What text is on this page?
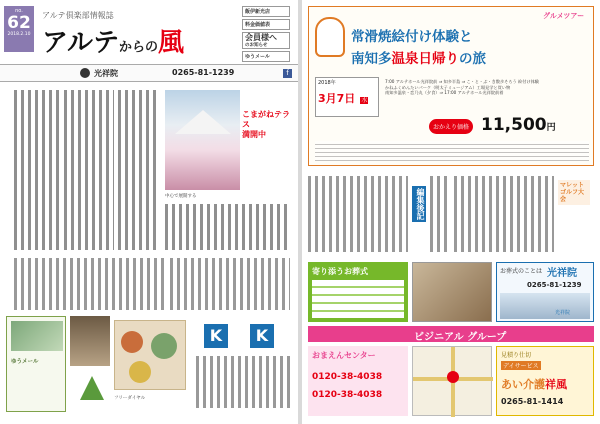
no.
62
2018.2.10
アルテ倶楽部情報誌
アルテからの風
飯伊新光店
料金価値表
会員様へ
のお知らせ
ゆうメール
光祥院	0265-81-1239	f
こまがねテラス
満開中
中心で展開する
ゆうメール
K	K
フリーダイヤル
グルメツアー
常滑焼絵付け体験と
南知多温泉日帰りの旅
2018年
3月7日 水
7:00 アルテホール光祥院前 ⇒ 知多半島 ⇒ こ・と・ぶ・き散歩そろう 絵付け体験
かねふくめんたいパーク（明太子ミュージアム）工場見学と買い物
南知多温泉・恋乃丸（夕食）⇒ 17:00 アルテホール光祥院前着
おかえり価格 11,500円
編集後記
マレットゴルフ大会
寄り添うお葬式	お葬式のことは 光祥院
0265-81-1239
光祥院
ビジニアル グループ
おまえんセンター
0120-38-4038
0120-38-4038
見積り仕切
デイサービス
あい介護祥風
0265-81-1414
